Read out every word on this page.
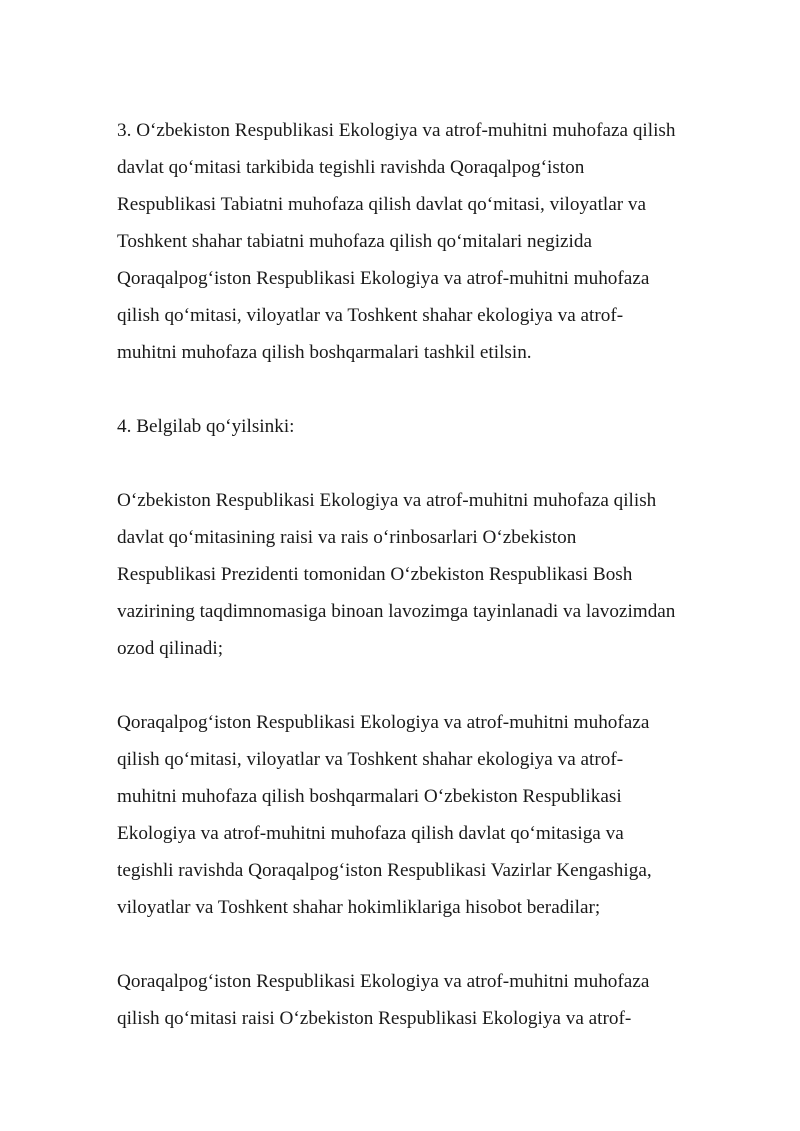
3. O‘zbekiston Respublikasi Ekologiya va atrof-muhitni muhofaza qilish
davlat qo‘mitasi tarkibida tegishli ravishda Qoraqalpog‘iston
Respublikasi Tabiatni muhofaza qilish davlat qo‘mitasi, viloyatlar va
Toshkent shahar tabiatni muhofaza qilish qo‘mitalari negizida
Qoraqalpog‘iston Respublikasi Ekologiya va atrof-muhitni muhofaza
qilish qo‘mitasi, viloyatlar va Toshkent shahar ekologiya va atrof-
muhitni muhofaza qilish boshqarmalari tashkil etilsin.

4. Belgilab qo‘yilsinki:

O‘zbekiston Respublikasi Ekologiya va atrof-muhitni muhofaza qilish
davlat qo‘mitasining raisi va rais o‘rinbosarlari O‘zbekiston
Respublikasi Prezidenti tomonidan O‘zbekiston Respublikasi Bosh
vazirining taqdimnomasiga binoan lavozimga tayinlanadi va lavozimdan
ozod qilinadi;

Qoraqalpog‘iston Respublikasi Ekologiya va atrof-muhitni muhofaza
qilish qo‘mitasi, viloyatlar va Toshkent shahar ekologiya va atrof-
muhitni muhofaza qilish boshqarmalari O‘zbekiston Respublikasi
Ekologiya va atrof-muhitni muhofaza qilish davlat qo‘mitasiga va
tegishli ravishda Qoraqalpog‘iston Respublikasi Vazirlar Kengashiga,
viloyatlar va Toshkent shahar hokimliklariga hisobot beradilar;

Qoraqalpog‘iston Respublikasi Ekologiya va atrof-muhitni muhofaza
qilish qo‘mitasi raisi O‘zbekiston Respublikasi Ekologiya va atrof-
